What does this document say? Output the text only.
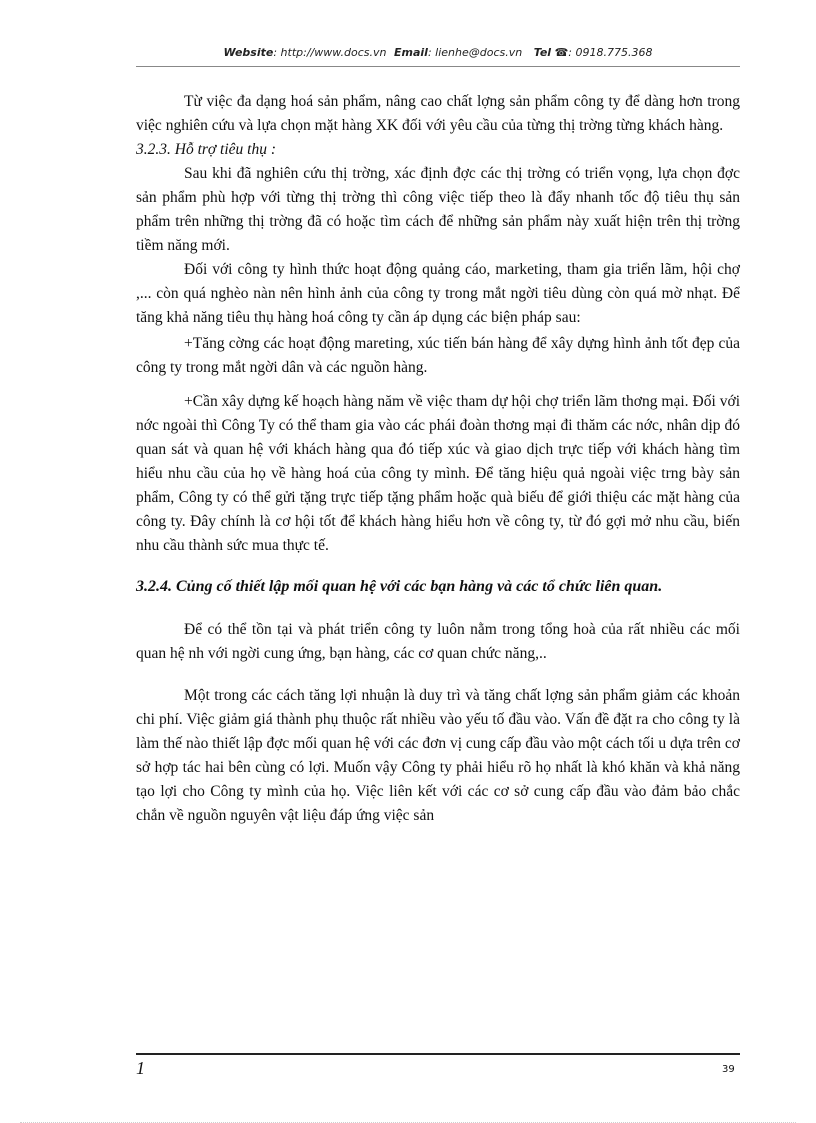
Website: http://www.docs.vn Email: lienhe@docs.vn Tel ☎: 0918.775.368

Từ việc đa dạng hoá sản phẩm, nâng cao chất lợng sản phẩm công ty để dàng hơn trong việc nghiên cứu và lựa chọn mặt hàng XK đối với yêu cầu của từng thị trờng từng khách hàng.

3.2.3. Hỗ trợ tiêu thụ :

Sau khi đã nghiên cứu thị trờng, xác định đợc các thị trờng có triển vọng, lựa chọn đợc sản phẩm phù hợp với từng thị trờng thì công việc tiếp theo là đẩy nhanh tốc độ tiêu thụ sản phẩm trên những thị trờng đã có hoặc tìm cách để những sản phẩm này xuất hiện trên thị trờng tiềm năng mới.

Đối với công ty hình thức hoạt động quảng cáo, marketing, tham gia triển lãm, hội chợ ,... còn quá nghèo nàn nên hình ảnh của công ty trong mắt ngời tiêu dùng còn quá mờ nhạt. Để tăng khả năng tiêu thụ hàng hoá công ty cần áp dụng các biện pháp sau:

+Tăng cờng các hoạt động mareting, xúc tiến bán hàng để xây dựng hình ảnh tốt đẹp của công ty trong mắt ngời dân và các nguồn hàng.

+Cần xây dựng kế hoạch hàng năm về việc tham dự hội chợ triển lãm thơng mại. Đối với nớc ngoài thì Công Ty có thể tham gia vào các phái đoàn thơng mại đi thăm các nớc, nhân dịp đó quan sát và quan hệ với khách hàng qua đó tiếp xúc và giao dịch trực tiếp với khách hàng tìm hiểu nhu cầu của họ về hàng hoá của công ty mình. Để tăng hiệu quả ngoài việc trng bày sản phẩm, Công ty có thể gửi tặng trực tiếp tặng phẩm hoặc quà biếu để giới thiệu các mặt hàng của công ty. Đây chính là cơ hội tốt để khách hàng hiểu hơn về công ty, từ đó gợi mở nhu cầu, biến nhu cầu thành sức mua thực tế.

3.2.4. Củng cố thiết lập mối quan hệ với các bạn hàng và các tổ chức liên quan.

Để có thể tồn tại và phát triển công ty luôn nằm trong tổng hoà của rất nhiều các mối quan hệ nh với ngời cung ứng, bạn hàng, các cơ quan chức năng,..

Một trong các cách tăng lợi nhuận là duy trì và tăng chất lợng sản phẩm giảm các khoản chi phí. Việc giảm giá thành phụ thuộc rất nhiều vào yếu tố đầu vào. Vấn đề đặt ra cho công ty là làm thế nào thiết lập đợc mối quan hệ với các đơn vị cung cấp đầu vào một cách tối u dựa trên cơ sở hợp tác hai bên cùng có lợi. Muốn vậy Công ty phải hiểu rõ họ nhất là khó khăn và khả năng tạo lợi cho Công ty mình của họ. Việc liên kết với các cơ sở cung cấp đầu vào đảm bảo chắc chắn về nguồn nguyên vật liệu đáp ứng việc sản

1	39
